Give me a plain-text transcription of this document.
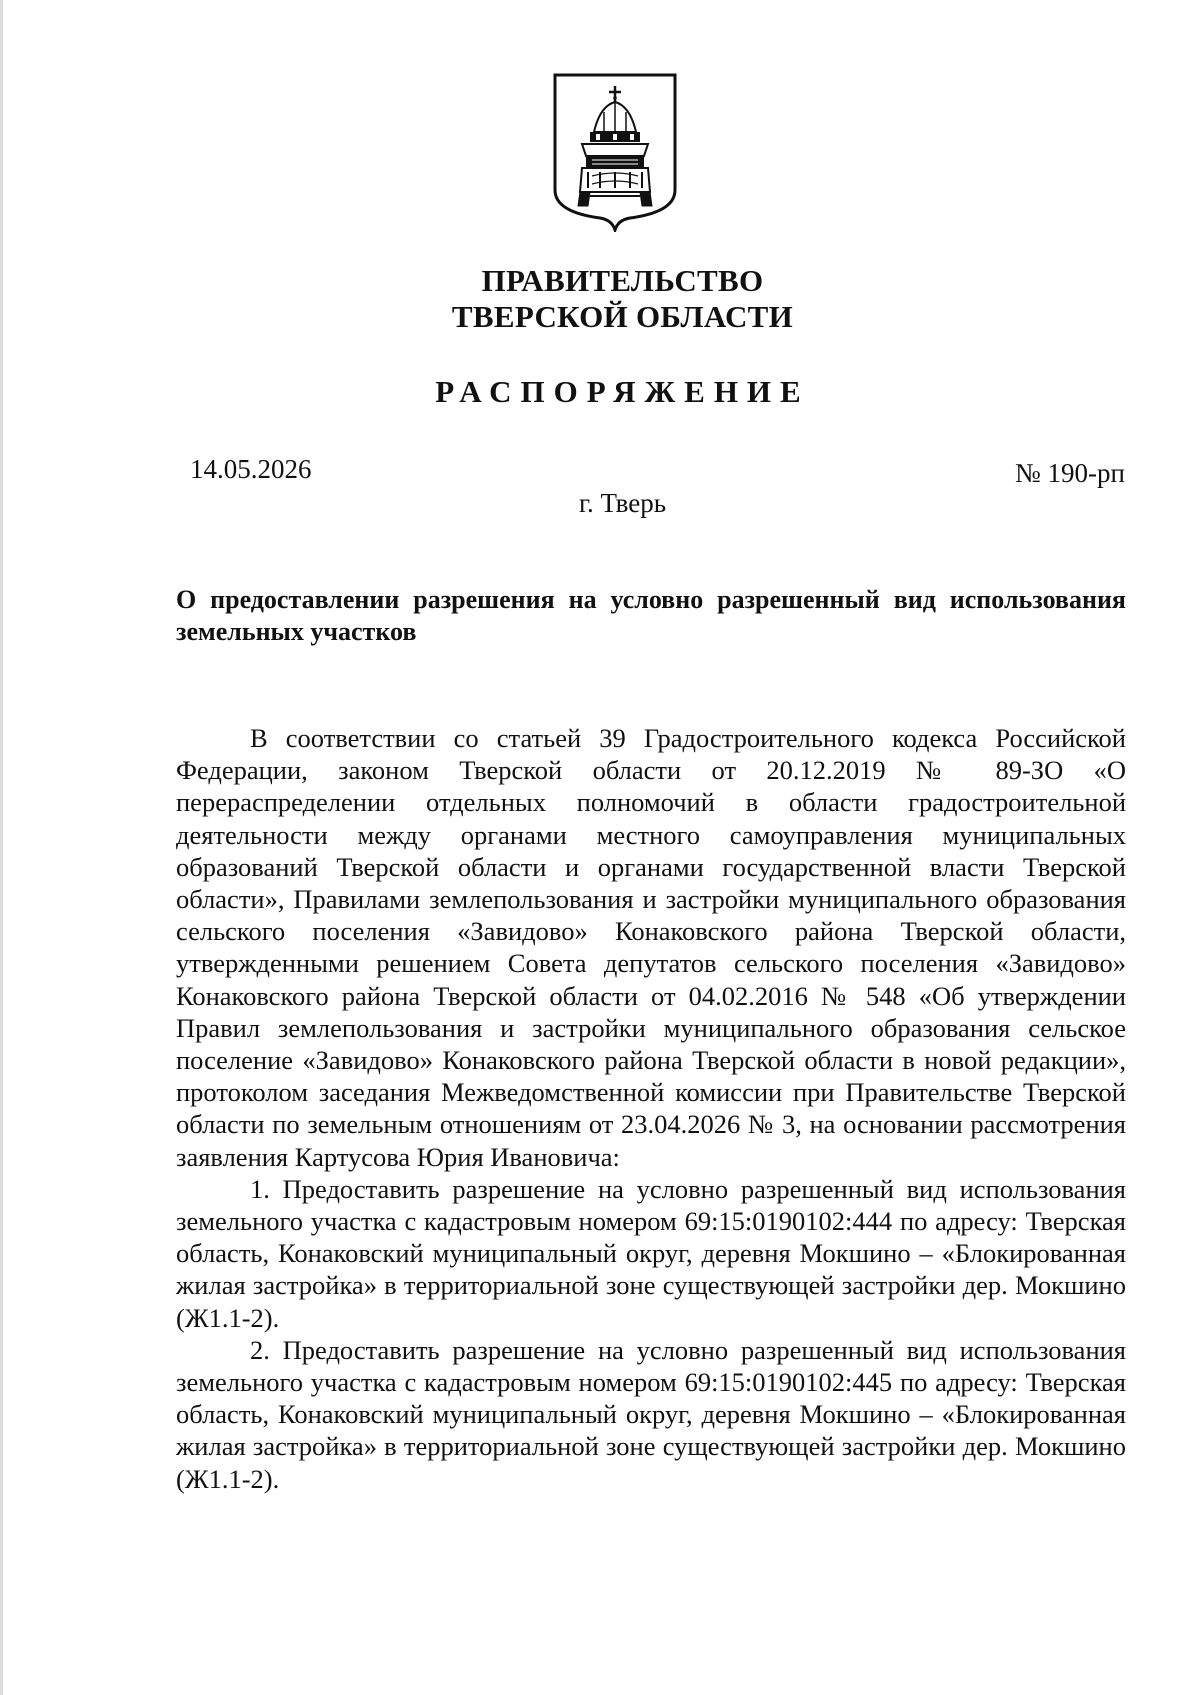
ПРАВИТЕЛЬСТВО
ТВЕРСКОЙ ОБЛАСТИ
РАСПОРЯЖЕНИЕ
14.05.2026	№ 190-рп
г. Тверь
О предоставлении разрешения на условно разрешенный вид использования земельных участков

В соответствии со статьей 39 Градостроительного кодекса Российской Федерации, законом Тверской области от 20.12.2019 № 89-ЗО «О перераспределении отдельных полномочий в области градостроительной деятельности между органами местного самоуправления муниципальных образований Тверской области и органами государственной власти Тверской области», Правилами землепользования и застройки муниципального образования сельского поселения «Завидово» Конаковского района Тверской области, утвержденными решением Совета депутатов сельского поселения «Завидово» Конаковского района Тверской области от 04.02.2016 № 548 «Об утверждении Правил землепользования и застройки муниципального образования сельское поселение «Завидово» Конаковского района Тверской области в новой редакции», протоколом заседания Межведомственной комиссии при Правительстве Тверской области по земельным отношениям от 23.04.2026 № 3, на основании рассмотрения заявления Картусова Юрия Ивановича:

1. Предоставить разрешение на условно разрешенный вид использования земельного участка с кадастровым номером 69:15:0190102:444 по адресу: Тверская область, Конаковский муниципальный округ, деревня Мокшино – «Блокированная жилая застройка» в территориальной зоне существующей застройки дер. Мокшино (Ж1.1-2).

2. Предоставить разрешение на условно разрешенный вид использования земельного участка с кадастровым номером 69:15:0190102:445 по адресу: Тверская область, Конаковский муниципальный округ, деревня Мокшино – «Блокированная жилая застройка» в территориальной зоне существующей застройки дер. Мокшино (Ж1.1-2).
